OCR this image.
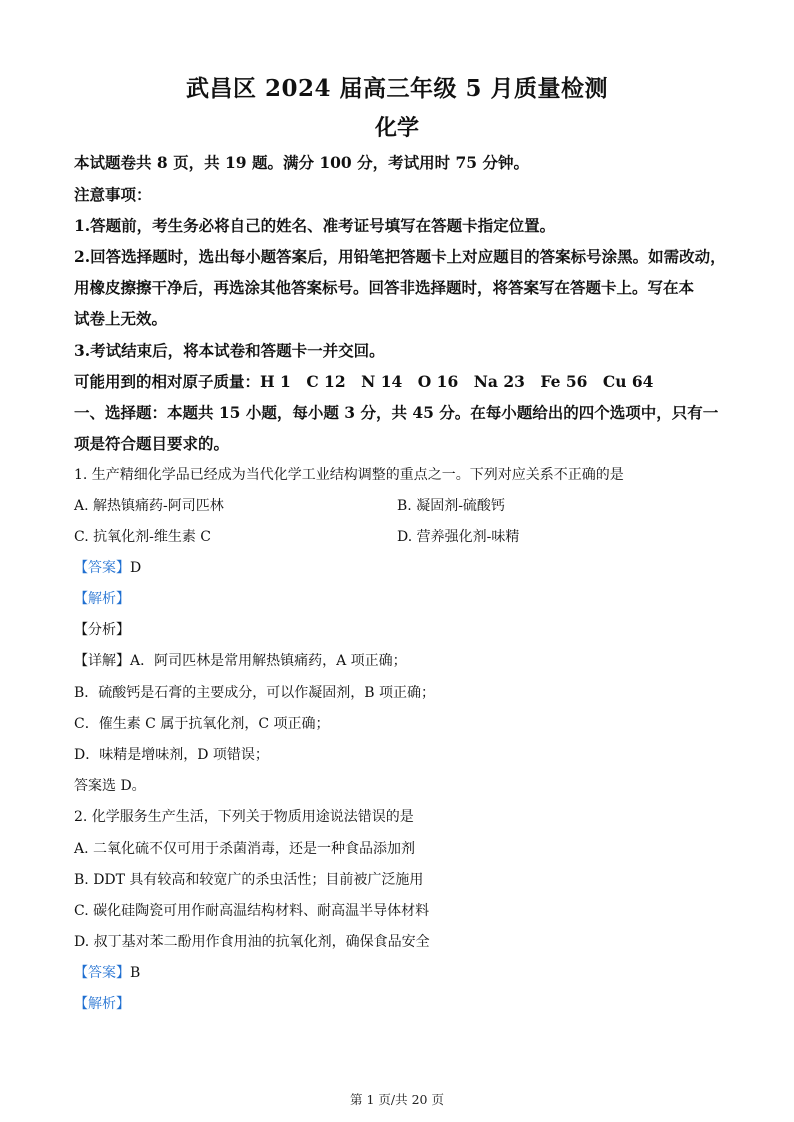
武昌区 2024 届高三年级 5 月质量检测
化学
本试题卷共 8 页，共 19 题。满分 100 分，考试用时 75 分钟。
注意事项：
1.答题前，考生务必将自己的姓名、准考证号填写在答题卡指定位置。
2.回答选择题时，选出每小题答案后，用铅笔把答题卡上对应题目的答案标号涂黑。如需改动，
用橡皮擦擦干净后，再选涂其他答案标号。回答非选择题时，将答案写在答题卡上。写在本
试卷上无效。
3.考试结束后，将本试卷和答题卡一并交回。
可能用到的相对原子质量：H 1　C 12　N 14　O 16　Na 23　Fe 56　Cu 64
一、选择题：本题共 15 小题，每小题 3 分，共 45 分。在每小题给出的四个选项中，只有一
项是符合题目要求的。
1. 生产精细化学品已经成为当代化学工业结构调整的重点之一。下列对应关系不正确的是
A. 解热镇痛药-阿司匹林	B. 凝固剂-硫酸钙
C. 抗氧化剂-维生素 C	D. 营养强化剂-味精
【答案】D
【解析】
【分析】
【详解】A．阿司匹林是常用解热镇痛药，A 项正确；
B．硫酸钙是石膏的主要成分，可以作凝固剂，B 项正确；
C．傕生素 C 属于抗氧化剂，C 项正确；
D．味精是增味剂，D 项错误；
答案选 D。
2. 化学服务生产生活，下列关于物质用途说法错误的是
A. 二氧化硫不仅可用于杀菌消毒，还是一种食品添加剂
B. DDT 具有较高和较宽广的杀虫活性；目前被广泛施用
C. 碳化硅陶瓷可用作耐高温结构材料、耐高温半导体材料
D. 叔丁基对苯二酚用作食用油的抗氧化剂，确保食品安全
【答案】B
【解析】
第 1 页/共 20 页
